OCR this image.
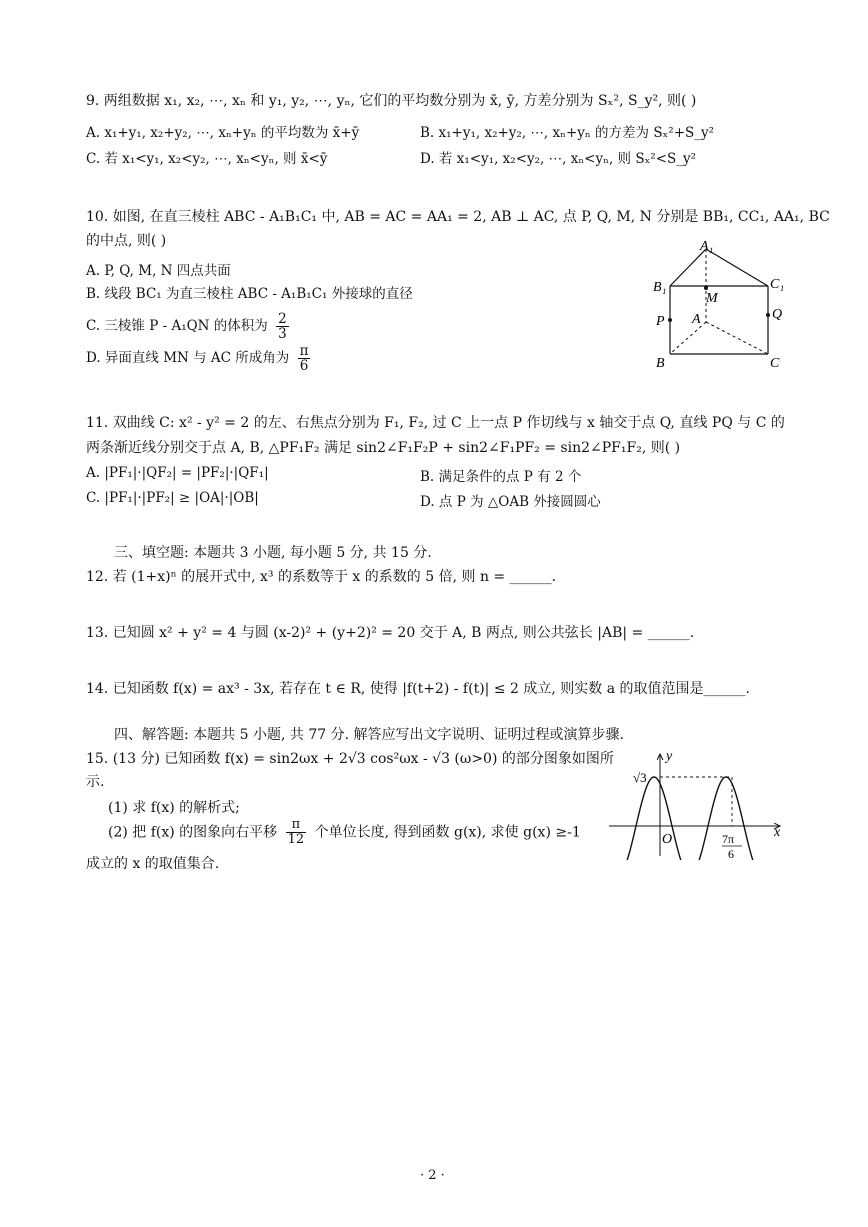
9. 两组数据 x₁, x₂, ⋯, xₙ 和 y₁, y₂, ⋯, yₙ, 它们的平均数分别为 x̄, ȳ, 方差分别为 Sₓ², S_y², 则( )
A. x₁+y₁, x₂+y₂, ⋯, xₙ+yₙ 的平均数为 x̄+ȳ	B. x₁+y₁, x₂+y₂, ⋯, xₙ+yₙ 的方差为 Sₓ²+S_y²
C. 若 x₁<y₁, x₂<y₂, ⋯, xₙ<yₙ, 则 x̄<ȳ	D. 若 x₁<y₁, x₂<y₂, ⋯, xₙ<yₙ, 则 Sₓ²<S_y²
10. 如图, 在直三棱柱 ABC - A₁B₁C₁ 中, AB = AC = AA₁ = 2, AB ⊥ AC, 点 P, Q, M, N 分别是 BB₁, CC₁, AA₁, BC
的中点, 则( )
A. P, Q, M, N 四点共面
B. 线段 BC₁ 为直三棱柱 ABC - A₁B₁C₁ 外接球的直径
C. 三棱锥 P - A₁QN 的体积为 $\frac{2}{3}$
D. 异面直线 MN 与 AC 所成角为 $\frac{\pi}{6}$
A₁
B₁	C₁
M
P A	Q
B	C
11. 双曲线 C: x² - y² = 2 的左、右焦点分别为 F₁, F₂, 过 C 上一点 P 作切线与 x 轴交于点 Q, 直线 PQ 与 C 的
两条渐近线分别交于点 A, B, △PF₁F₂ 满足 sin2∠F₁F₂P + sin2∠F₁PF₂ = sin2∠PF₁F₂, 则( )
A. |PF₁|·|QF₂| = |PF₂|·|QF₁|	B. 满足条件的点 P 有 2 个
C. |PF₁|·|PF₂| ≥ |OA|·|OB|	D. 点 P 为 △OAB 外接圆圆心
三、填空题: 本题共 3 小题, 每小题 5 分, 共 15 分.
12. 若 (1+x)ⁿ 的展开式中, x³ 的系数等于 x 的系数的 5 倍, 则 n = ______.
13. 已知圆 x² + y² = 4 与圆 (x-2)² + (y+2)² = 20 交于 A, B 两点, 则公共弦长 |AB| = ______.
14. 已知函数 f(x) = ax³ - 3x, 若存在 t ∈ R, 使得 |f(t+2) - f(t)| ≤ 2 成立, 则实数 a 的取值范围是______.
四、解答题: 本题共 5 小题, 共 77 分. 解答应写出文字说明、证明过程或演算步骤.
15. (13 分) 已知函数 f(x) = sin2ωx + 2√3 cos²ωx - √3 (ω>0) 的部分图象如图所
示.
(1) 求 f(x) 的解析式;
(2) 把 f(x) 的图象向右平移 $\frac{\pi}{12}$ 个单位长度, 得到函数 g(x), 求使 g(x) ≥-1
成立的 x 的取值集合.
y
x
O
√3
7π
6
· 2 ·
